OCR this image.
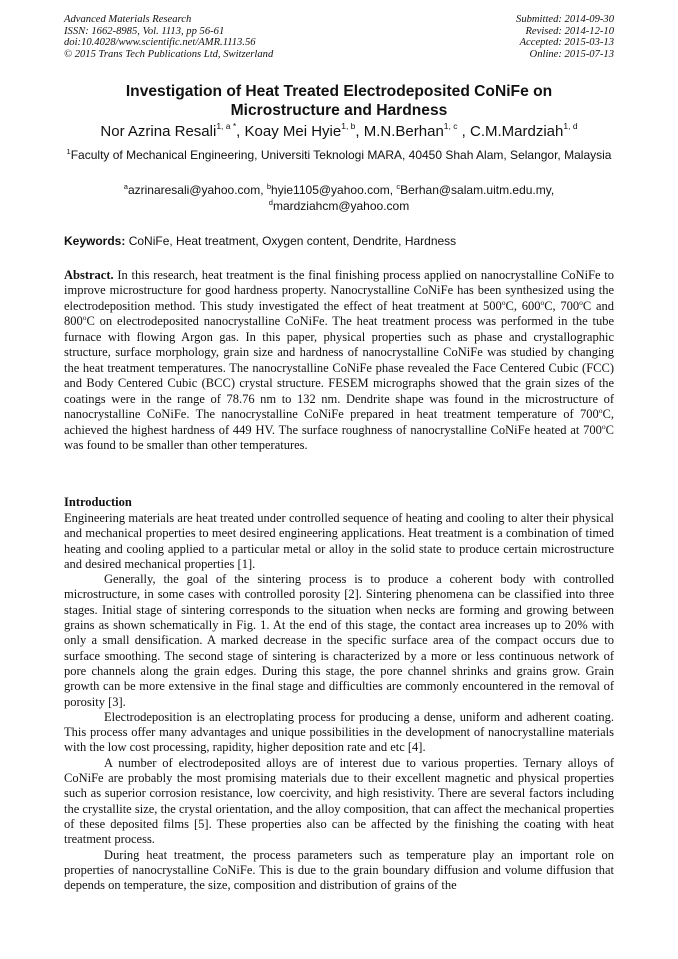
Advanced Materials Research
ISSN: 1662-8985, Vol. 1113, pp 56-61
doi:10.4028/www.scientific.net/AMR.1113.56
© 2015 Trans Tech Publications Ltd, Switzerland
Submitted: 2014-09-30
Revised: 2014-12-10
Accepted: 2015-03-13
Online: 2015-07-13
Investigation of Heat Treated Electrodeposited CoNiFe on
Microstructure and Hardness
Nor Azrina Resali$^{1, a *}$, Koay Mei Hyie$^{1, b}$, M.N.Berhan$^{1, c}$ , C.M.Mardziah$^{1, d}$
$^1$Faculty of Mechanical Engineering, Universiti Teknologi MARA, 40450 Shah Alam, Selangor, Malaysia
$^a$azrinaresali@yahoo.com, $^b$hyie1105@yahoo.com, $^c$Berhan@salam.uitm.edu.my,
$^d$mardziahcm@yahoo.com
Keywords: CoNiFe, Heat treatment, Oxygen content, Dendrite, Hardness

Abstract. In this research, heat treatment is the final finishing process applied on nanocrystalline CoNiFe to improve microstructure for good hardness property. Nanocrystalline CoNiFe has been synthesized using the electrodeposition method. This study investigated the effect of heat treatment at 500$^o$C, 600$^o$C, 700$^o$C and 800$^o$C on electrodeposited nanocrystalline CoNiFe. The heat treatment process was performed in the tube furnace with flowing Argon gas. In this paper, physical properties such as phase and crystallographic structure, surface morphology, grain size and hardness of nanocrystalline CoNiFe was studied by changing the heat treatment temperatures. The nanocrystalline CoNiFe phase revealed the Face Centered Cubic (FCC) and Body Centered Cubic (BCC) crystal structure. FESEM micrographs showed that the grain sizes of the coatings were in the range of 78.76 nm to 132 nm. Dendrite shape was found in the microstructure of nanocrystalline CoNiFe. The nanocrystalline CoNiFe prepared in heat treatment temperature of 700$^o$C, achieved the highest hardness of 449 HV. The surface roughness of nanocrystalline CoNiFe heated at 700$^o$C was found to be smaller than other temperatures.

Introduction

Engineering materials are heat treated under controlled sequence of heating and cooling to alter their physical and mechanical properties to meet desired engineering applications. Heat treatment is a combination of timed heating and cooling applied to a particular metal or alloy in the solid state to produce certain microstructure and desired mechanical properties [1].

Generally, the goal of the sintering process is to produce a coherent body with controlled microstructure, in some cases with controlled porosity [2]. Sintering phenomena can be classified into three stages. Initial stage of sintering corresponds to the situation when necks are forming and growing between grains as shown schematically in Fig. 1. At the end of this stage, the contact area increases up to 20% with only a small densification. A marked decrease in the specific surface area of the compact occurs due to surface smoothing. The second stage of sintering is characterized by a more or less continuous network of pore channels along the grain edges. During this stage, the pore channel shrinks and grains grow. Grain growth can be more extensive in the final stage and difficulties are commonly encountered in the removal of porosity [3].

Electrodeposition is an electroplating process for producing a dense, uniform and adherent coating. This process offer many advantages and unique possibilities in the development of nanocrystalline materials with the low cost processing, rapidity, higher deposition rate and etc [4].

A number of electrodeposited alloys are of interest due to various properties. Ternary alloys of CoNiFe are probably the most promising materials due to their excellent magnetic and physical properties such as superior corrosion resistance, low coercivity, and high resistivity. There are several factors including the crystallite size, the crystal orientation, and the alloy composition, that can affect the mechanical properties of these deposited films [5]. These properties also can be affected by the finishing the coating with heat treatment process.

During heat treatment, the process parameters such as temperature play an important role on properties of nanocrystalline CoNiFe. This is due to the grain boundary diffusion and volume diffusion that depends on temperature, the size, composition and distribution of grains of the
